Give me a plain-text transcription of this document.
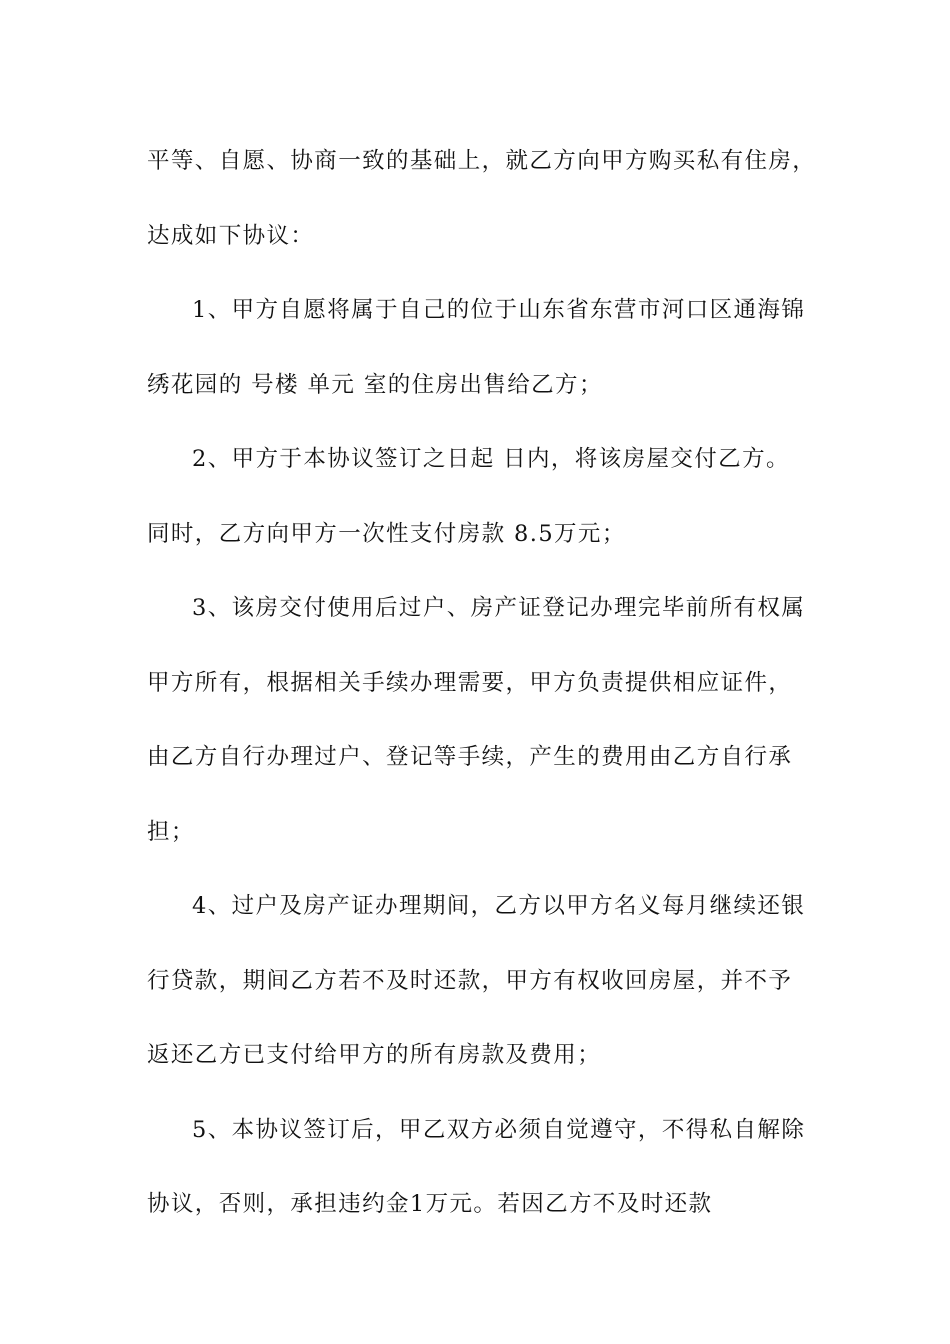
平等、自愿、协商一致的基础上，就乙方向甲方购买私有住房，

达成如下协议：

1、甲方自愿将属于自己的位于山东省东营市河口区通海锦

绣花园的 号楼 单元 室的住房出售给乙方；

2、甲方于本协议签订之日起 日内，将该房屋交付乙方。

同时，乙方向甲方一次性支付房款 8.5万元；

3、该房交付使用后过户、房产证登记办理完毕前所有权属

甲方所有，根据相关手续办理需要，甲方负责提供相应证件，

由乙方自行办理过户、登记等手续，产生的费用由乙方自行承

担；

4、过户及房产证办理期间，乙方以甲方名义每月继续还银

行贷款，期间乙方若不及时还款，甲方有权收回房屋，并不予

返还乙方已支付给甲方的所有房款及费用；

5、本协议签订后，甲乙双方必须自觉遵守，不得私自解除

协议，否则，承担违约金1万元。若因乙方不及时还款
